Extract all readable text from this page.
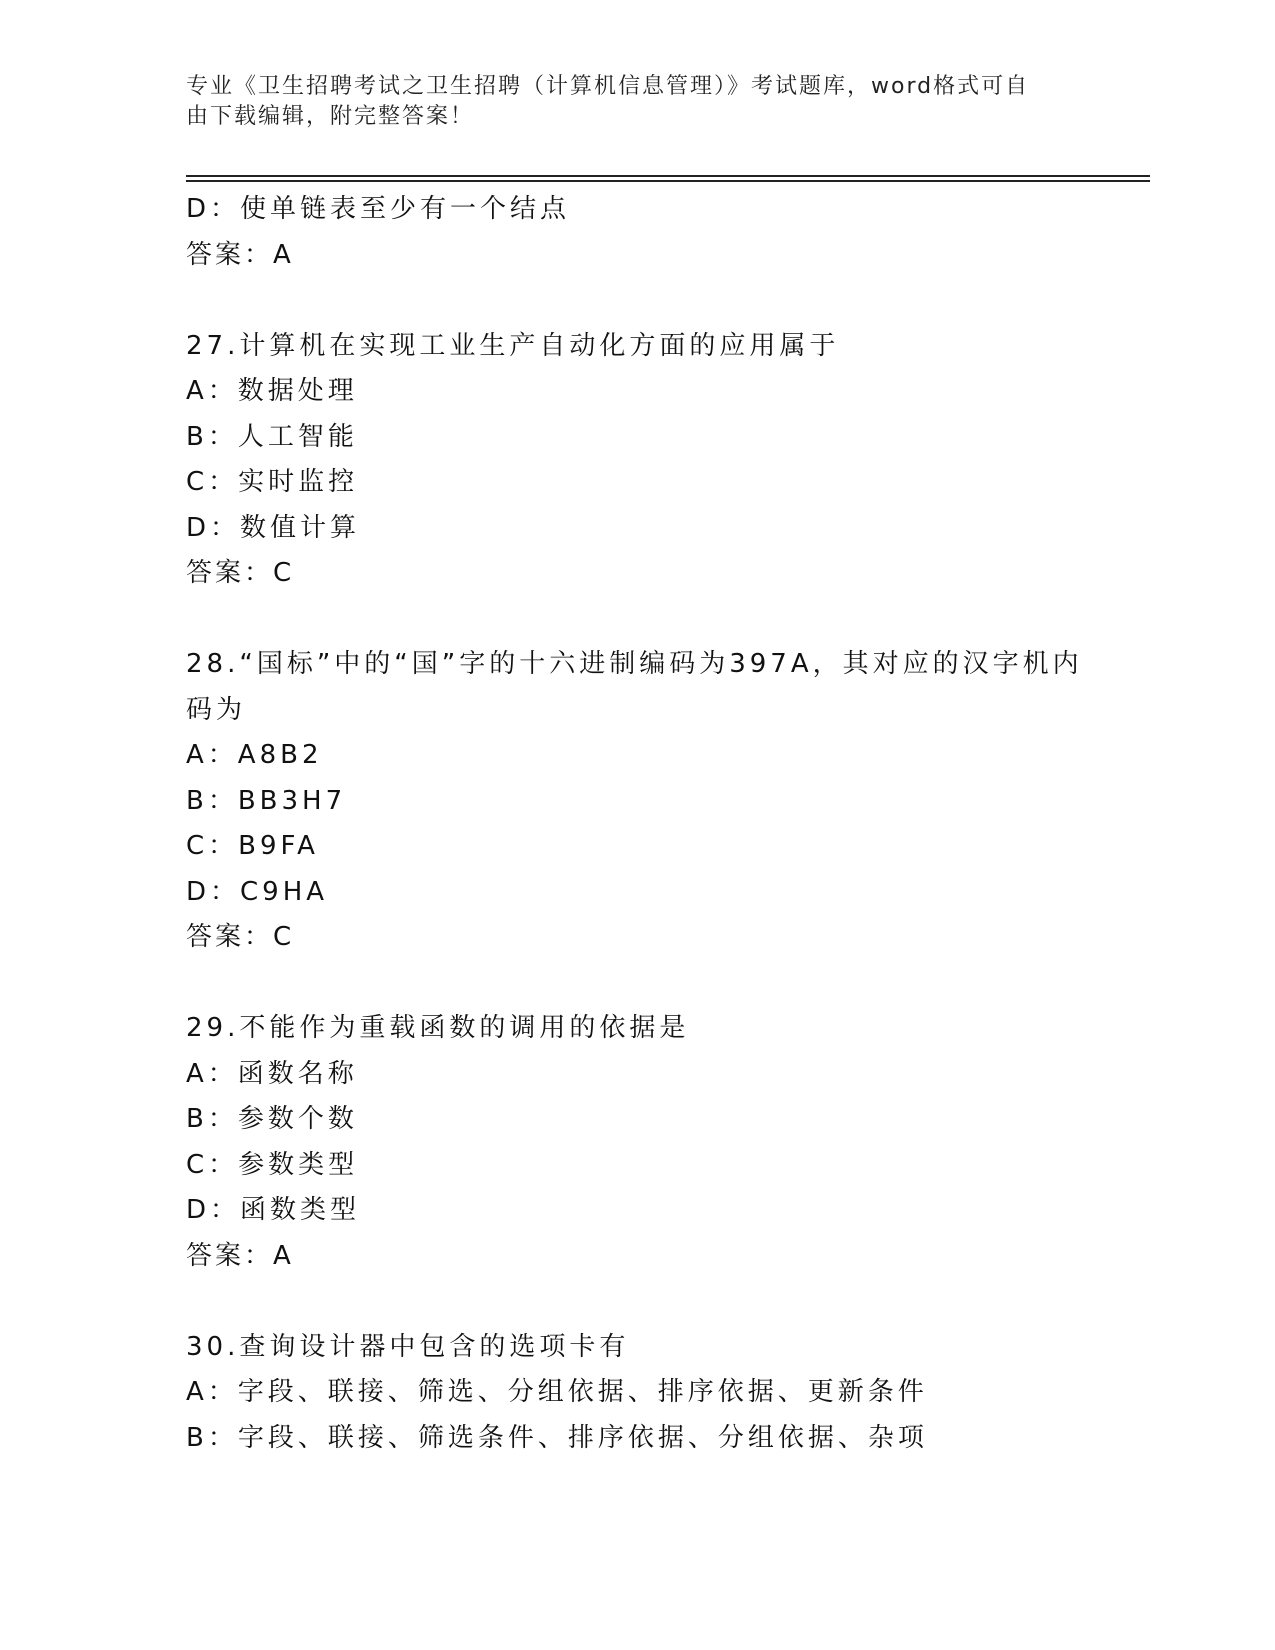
专业《卫生招聘考试之卫生招聘（计算机信息管理）》考试题库，word格式可自
由下载编辑，附完整答案！
D：使单链表至少有一个结点
答案：A
27.计算机在实现工业生产自动化方面的应用属于
A：数据处理
B：人工智能
C：实时监控
D：数值计算
答案：C
28.“国标”中的“国”字的十六进制编码为397A，其对应的汉字机内
码为
A：A8B2
B：BB3H7
C：B9FA
D：C9HA
答案：C
29.不能作为重载函数的调用的依据是
A：函数名称
B：参数个数
C：参数类型
D：函数类型
答案：A
30.查询设计器中包含的选项卡有
A：字段、联接、筛选、分组依据、排序依据、更新条件
B：字段、联接、筛选条件、排序依据、分组依据、杂项
